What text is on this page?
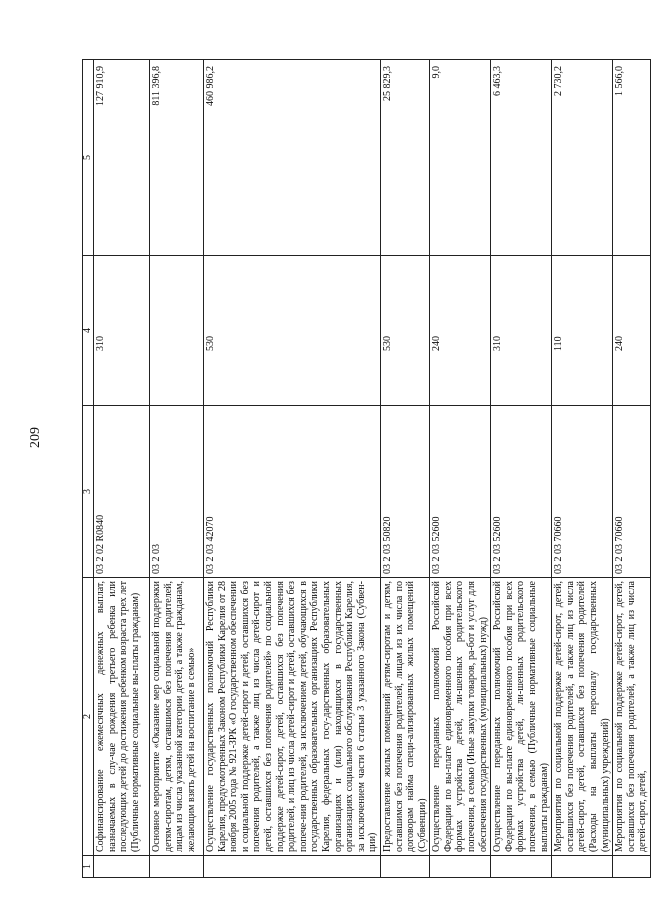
209
1	2	3	4	5
	Софинансирование ежемесячных денежных выплат, назначаемых в слу-чае рождения третьего ребенка или последующих детей до достижения ребенком возраста трех лет (Публичные нормативные социальные вы-платы гражданам)	03 2 02 R0840	310	127 910,9
	Основное мероприятие «Оказание мер социальной поддержки детям-сиротам, детям, оставшимся без попечения родителей, лицам из числа указанной категории детей, а также гражданам, желающим взять детей на воспитание в семью»	03 2 03		811 396,8
	Осуществление государственных полномочий Республики Карелия, предусмотренных Законом Республики Карелия от 28 ноября 2005 года № 921-ЗРК «О государственном обеспечении и социальной поддержке детей-сирот и детей, оставшихся без попечения родителей, а также лиц из числа детей-сирот и детей, оставшихся без попечения родителей» по социальной поддержке детей-сирот, детей, оставшихся без попечения родителей, и лиц из числа детей-сирот и детей, оставшихся без попече-ния родителей, за исключением детей, обучающихся в государственных образовательных организациях Республики Карелия, федеральных госу-дарственных образовательных организациях и (или) находящихся в государственных организациях социального обслуживания Республики Карелия, за исключением части 6 статьи 3 указанного Закона (Субвен-ции)	03 2 03 42070	530	460 986,2
	Предоставление жилых помещений детям-сиротам и детям, оставшимся без попечения родителей, лицам из их числа по договорам найма специ-ализированных жилых помещений (Субвенции)	03 2 03 50820	530	25 829,3
	Осуществление переданных полномочий Российской Федерации по вы-плате единовременного пособия при всех формах устройства детей, ли-шенных родительского попечения, в семью (Иные закупки товаров, ра-бот и услуг для обеспечения государственных (муниципальных) нужд)	03 2 03 52600	240	9,0
	Осуществление переданных полномочий Российской Федерации по вы-плате единовременного пособия при всех формах устройства детей, ли-шенных родительского попечения, в семью (Публичные нормативные социальные выплаты гражданам)	03 2 03 52600	310	6 463,3
	Мероприятия по социальной поддержке детей-сирот, детей, оставшихся без попечения родителей, а также лиц из числа детей-сирот, детей, оставшихся без попечения родителей (Расходы на выплаты персоналу государственных (муниципальных) учреждений)	03 2 03 70660	110	2 730,2
	Мероприятия по социальной поддержке детей-сирот, детей, оставшихся без попечения родителей, а также лиц из числа детей-сирот, детей,	03 2 03 70660	240	1 566,0
